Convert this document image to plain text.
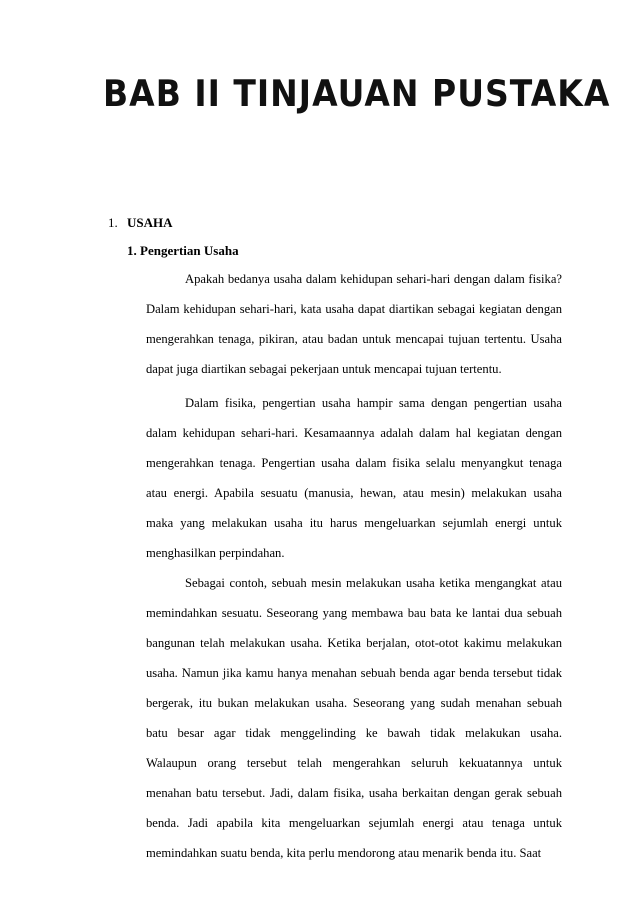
BAB II TINJAUAN PUSTAKA
1. USAHA
1. Pengertian Usaha
Apakah bedanya usaha dalam kehidupan sehari-hari dengan dalam fisika?
Dalam kehidupan sehari-hari, kata usaha dapat diartikan sebagai kegiatan dengan
mengerahkan tenaga, pikiran, atau badan untuk mencapai tujuan tertentu. Usaha
dapat juga diartikan sebagai pekerjaan untuk mencapai tujuan tertentu.
Dalam fisika, pengertian usaha hampir sama dengan pengertian usaha
dalam kehidupan sehari-hari. Kesamaannya adalah dalam hal kegiatan dengan
mengerahkan tenaga. Pengertian usaha dalam fisika selalu menyangkut tenaga
atau energi. Apabila sesuatu (manusia, hewan, atau mesin) melakukan usaha
maka yang melakukan usaha itu harus mengeluarkan sejumlah energi untuk
menghasilkan perpindahan.
Sebagai contoh, sebuah mesin melakukan usaha ketika mengangkat atau
memindahkan sesuatu. Seseorang yang membawa bau bata ke lantai dua sebuah
bangunan telah melakukan usaha. Ketika berjalan, otot-otot kakimu melakukan
usaha. Namun jika kamu hanya menahan sebuah benda agar benda tersebut tidak
bergerak, itu bukan melakukan usaha. Seseorang yang sudah menahan sebuah
batu besar agar tidak menggelinding ke bawah tidak melakukan usaha.
Walaupun orang tersebut telah mengerahkan seluruh kekuatannya untuk
menahan batu tersebut. Jadi, dalam fisika, usaha berkaitan dengan gerak sebuah
benda. Jadi apabila kita mengeluarkan sejumlah energi atau tenaga untuk
memindahkan suatu benda, kita perlu mendorong atau menarik benda itu. Saat
